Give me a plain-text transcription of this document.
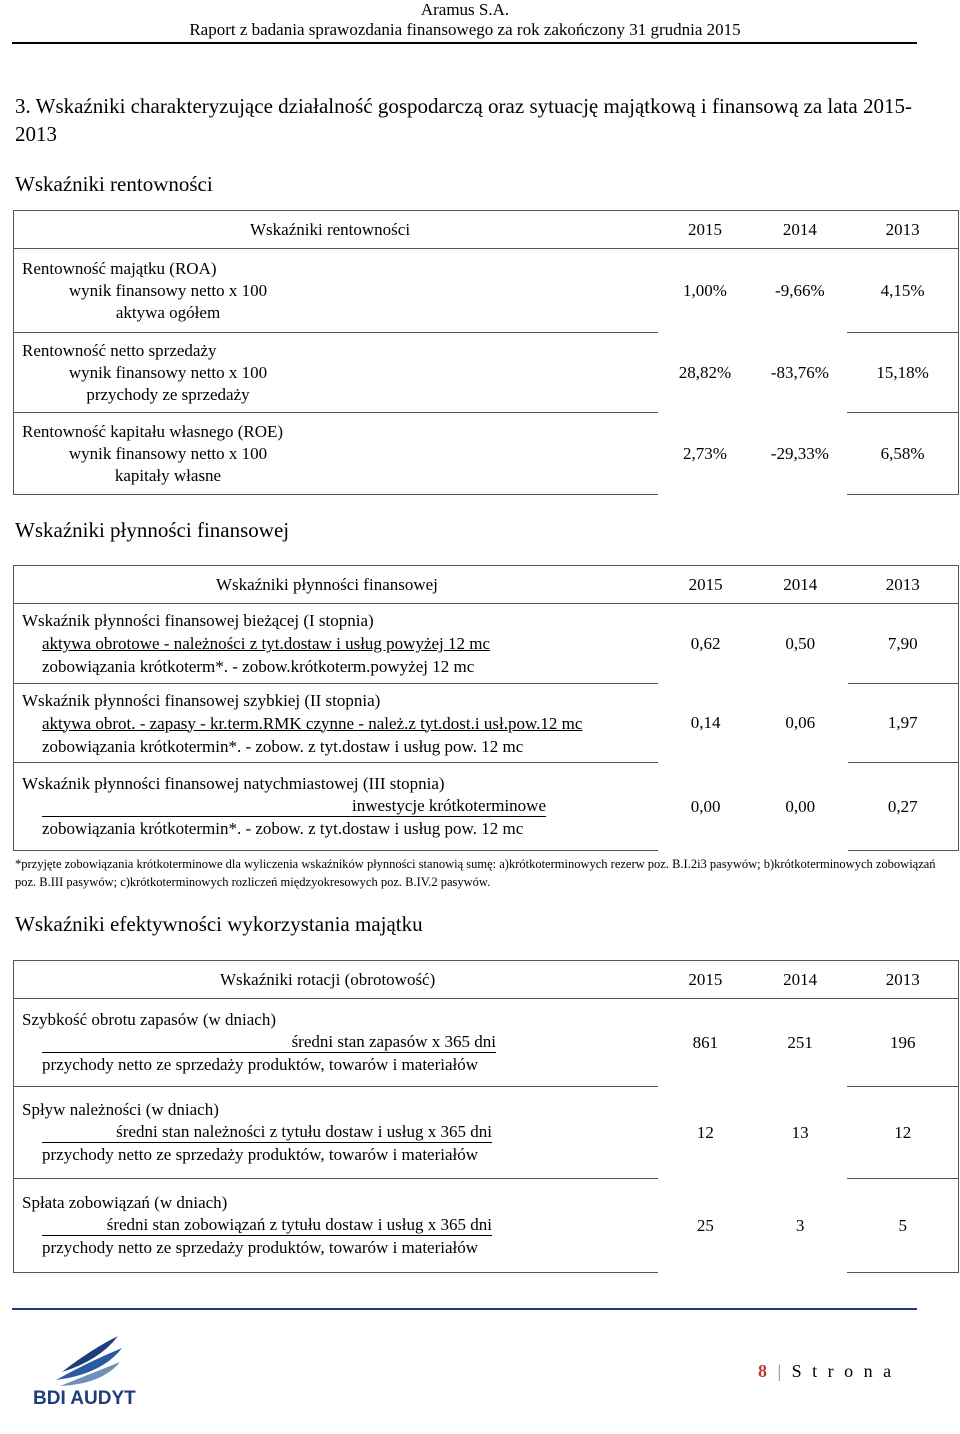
Aramus S.A.
Raport z badania sprawozdania finansowego za rok zakończony 31 grudnia 2015
3. Wskaźniki charakteryzujące działalność gospodarczą oraz sytuację majątkową i finansową za lata 2015-2013
Wskaźniki rentowności
Wskaźniki rentowności	2015	2014	2013

Rentowność majątku (ROA)
wynik finansowy netto x 100
aktywa ogółem	1,00%	-9,66%	4,15%

Rentowność netto sprzedaży
wynik finansowy netto x 100
przychody ze sprzedaży	28,82%	-83,76%	15,18%

Rentowność kapitału własnego (ROE)
wynik finansowy netto x 100
kapitały własne	2,73%	-29,33%	6,58%
Wskaźniki płynności finansowej
Wskaźniki płynności finansowej	2015	2014	2013

Wskaźnik płynności finansowej bieżącej (I stopnia)
aktywa obrotowe - należności z tyt.dostaw i usług powyżej 12 mc
zobowiązania krótkoterm*. - zobow.krótkoterm.powyżej 12 mc	0,62	0,50	7,90

Wskaźnik płynności finansowej szybkiej (II stopnia)
aktywa obrot. - zapasy - kr.term.RMK czynne - należ.z tyt.dost.i usł.pow.12 mc
zobowiązania krótkotermin*. - zobow. z tyt.dostaw i usług pow. 12 mc	0,14	0,06	1,97

Wskaźnik płynności finansowej natychmiastowej (III stopnia)
inwestycje krótkoterminowe
zobowiązania krótkotermin*. - zobow. z tyt.dostaw i usług pow. 12 mc	0,00	0,00	0,27
*przyjęte zobowiązania krótkoterminowe dla wyliczenia wskaźników płynności stanowią sumę: a)krótkoterminowych rezerw poz. B.I.2i3 pasywów; b)krótkoterminowych zobowiązań poz. B.III pasywów; c)krótkoterminowych rozliczeń międzyokresowych poz. B.IV.2 pasywów.
Wskaźniki efektywności wykorzystania majątku
Wskaźniki rotacji (obrotowość)	2015	2014	2013

Szybkość obrotu zapasów (w dniach)
średni stan zapasów x 365 dni
przychody netto ze sprzedaży produktów, towarów i materiałów	861	251	196

Spływ należności (w dniach)
średni stan należności z tytułu dostaw i usług x 365 dni
przychody netto ze sprzedaży produktów, towarów i materiałów	12	13	12

Spłata zobowiązań (w dniach)
średni stan zobowiązań z tytułu dostaw i usług x 365 dni
przychody netto ze sprzedaży produktów, towarów i materiałów	25	3	5
BDI AUDYT
8 | S t r o n a
